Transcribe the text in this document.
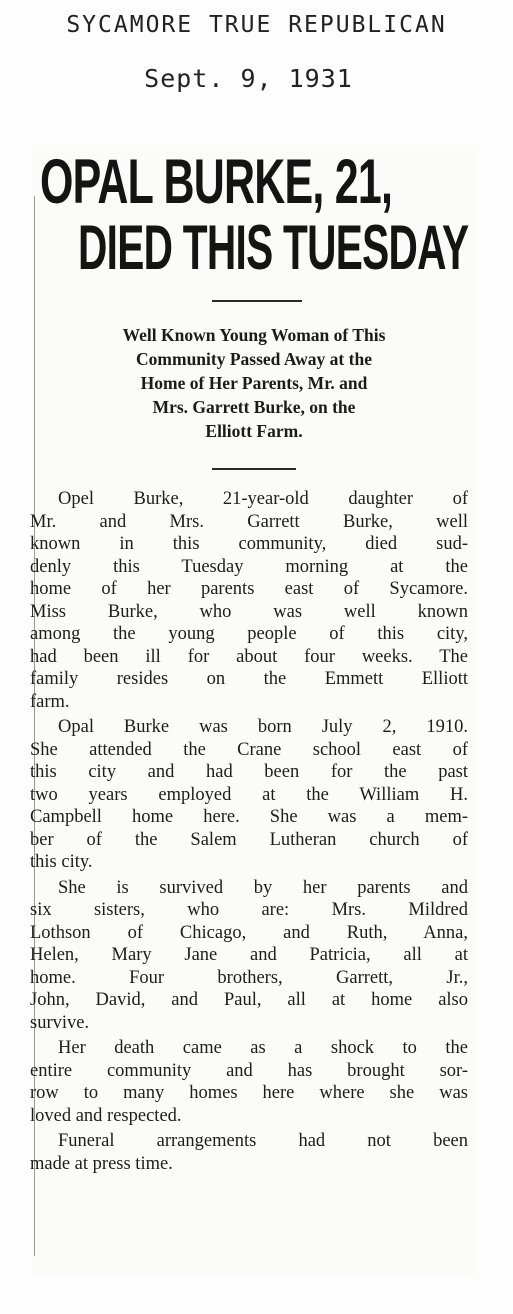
SYCAMORE TRUE REPUBLICAN
Sept. 9, 1931
OPAL BURKE, 21,
DIED THIS TUESDAY
Well Known Young Woman of This
Community Passed Away at the
Home of Her Parents, Mr. and
Mrs. Garrett Burke, on the
Elliott Farm.
Opel Burke, 21-year-old daughter of
Mr. and Mrs. Garrett Burke, well
known in this community, died sud-
denly this Tuesday morning at the
home of her parents east of Sycamore.
Miss Burke, who was well known
among the young people of this city,
had been ill for about four weeks. The
family resides on the Emmett Elliott
farm.
Opal Burke was born July 2, 1910.
She attended the Crane school east of
this city and had been for the past
two years employed at the William H.
Campbell home here. She was a mem-
ber of the Salem Lutheran church of
this city.
She is survived by her parents and
six sisters, who are: Mrs. Mildred
Lothson of Chicago, and Ruth, Anna,
Helen, Mary Jane and Patricia, all at
home. Four brothers, Garrett, Jr.,
John, David, and Paul, all at home also
survive.
Her death came as a shock to the
entire community and has brought sor-
row to many homes here where she was
loved and respected.
Funeral arrangements had not been
made at press time.
